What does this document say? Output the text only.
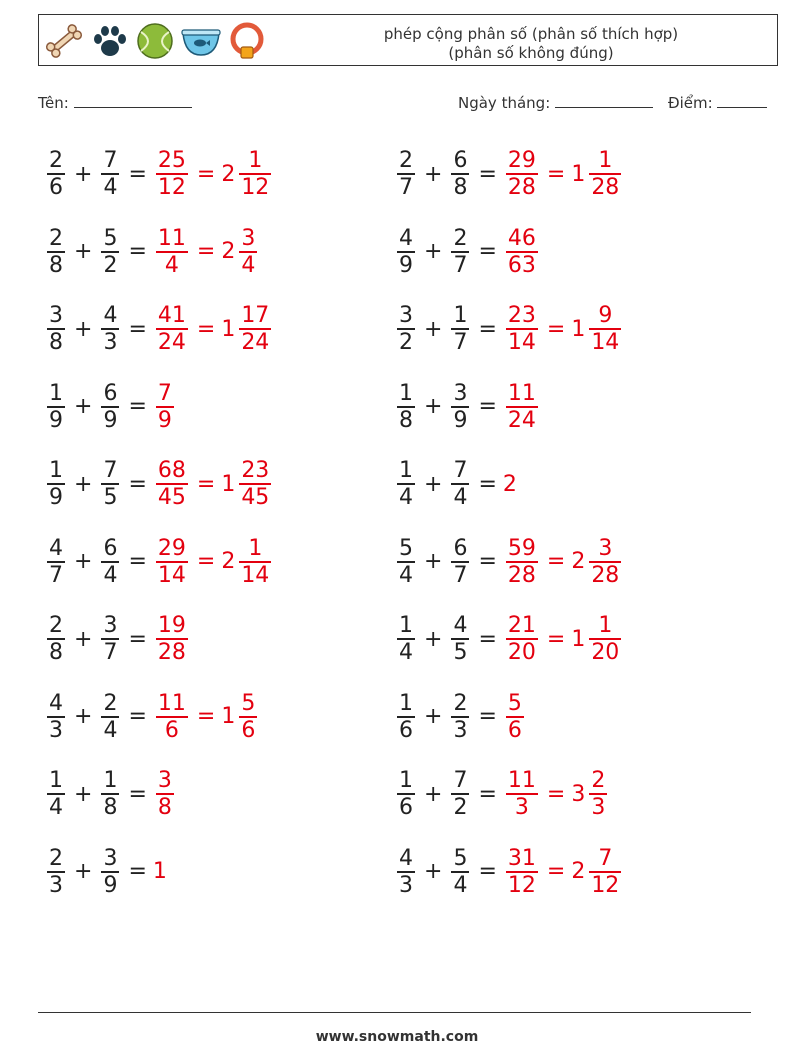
phép cộng phân số (phân số thích hợp)
(phân số không đúng)
Tên:	Ngày tháng:	Điểm:
$\frac{2}{6} + \frac{7}{4} = \frac{25}{12} = 2 \frac{1}{12}$
$\frac{2}{8} + \frac{5}{2} = \frac{11}{4} = 2 \frac{3}{4}$
$\frac{3}{8} + \frac{4}{3} = \frac{41}{24} = 1 \frac{17}{24}$
$\frac{1}{9} + \frac{6}{9} = \frac{7}{9}$
$\frac{1}{9} + \frac{7}{5} = \frac{68}{45} = 1 \frac{23}{45}$
$\frac{4}{7} + \frac{6}{4} = \frac{29}{14} = 2 \frac{1}{14}$
$\frac{2}{8} + \frac{3}{7} = \frac{19}{28}$
$\frac{4}{3} + \frac{2}{4} = \frac{11}{6} = 1 \frac{5}{6}$
$\frac{1}{4} + \frac{1}{8} = \frac{3}{8}$
$\frac{2}{3} + \frac{3}{9} = 1$
$\frac{2}{7} + \frac{6}{8} = \frac{29}{28} = 1 \frac{1}{28}$
$\frac{4}{9} + \frac{2}{7} = \frac{46}{63}$
$\frac{3}{2} + \frac{1}{7} = \frac{23}{14} = 1 \frac{9}{14}$
$\frac{1}{8} + \frac{3}{9} = \frac{11}{24}$
$\frac{1}{4} + \frac{7}{4} = 2$
$\frac{5}{4} + \frac{6}{7} = \frac{59}{28} = 2 \frac{3}{28}$
$\frac{1}{4} + \frac{4}{5} = \frac{21}{20} = 1 \frac{1}{20}$
$\frac{1}{6} + \frac{2}{3} = \frac{5}{6}$
$\frac{1}{6} + \frac{7}{2} = \frac{11}{3} = 3 \frac{2}{3}$
$\frac{4}{3} + \frac{5}{4} = \frac{31}{12} = 2 \frac{7}{12}$
www.snowmath.com
